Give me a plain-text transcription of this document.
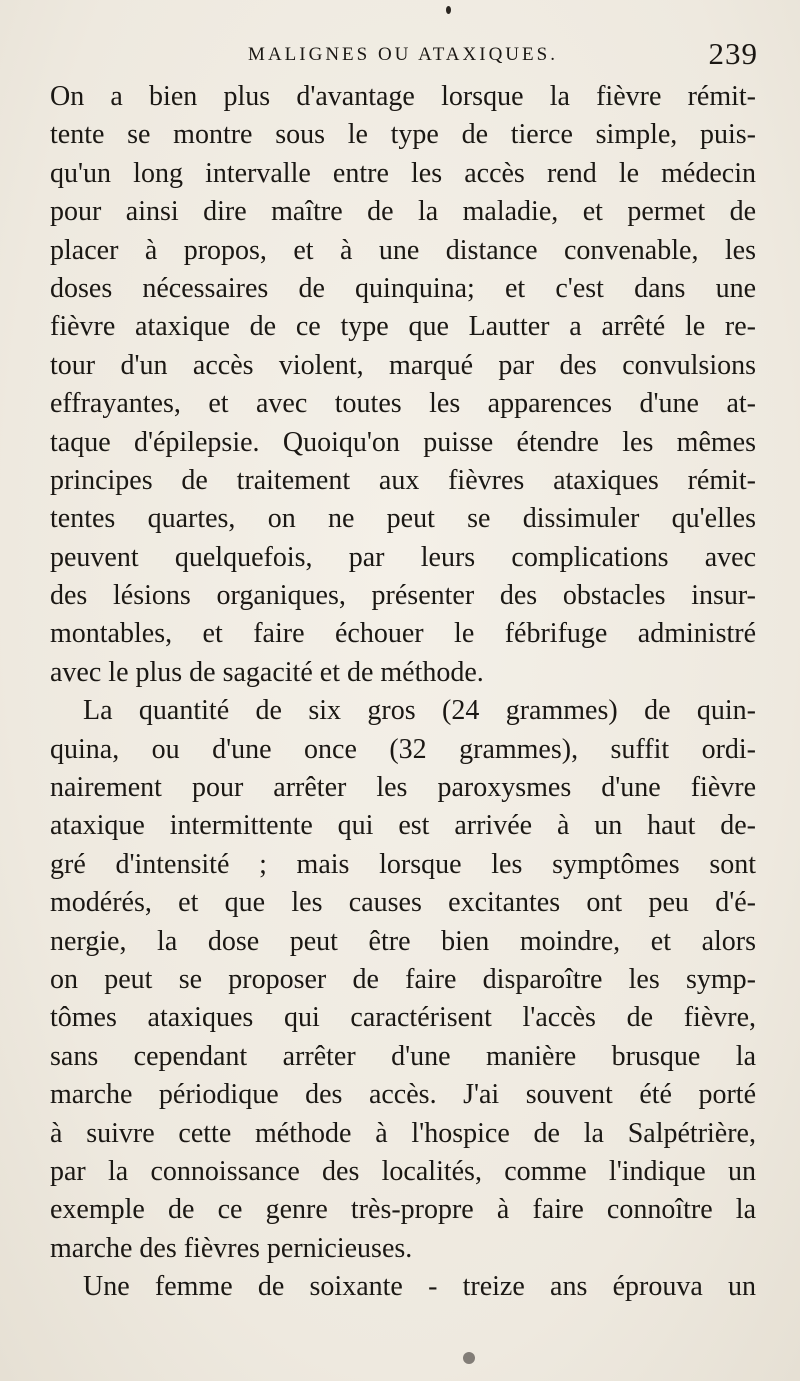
MALIGNES OU ATAXIQUES.	239
On a bien plus d'avantage lorsque la fièvre rémit-
tente se montre sous le type de tierce simple, puis-
qu'un long intervalle entre les accès rend le médecin
pour ainsi dire maître de la maladie, et permet de
placer à propos, et à une distance convenable, les
doses nécessaires de quinquina; et c'est dans une
fièvre ataxique de ce type que Lautter a arrêté le re-
tour d'un accès violent, marqué par des convulsions
effrayantes, et avec toutes les apparences d'une at-
taque d'épilepsie. Quoiqu'on puisse étendre les mêmes
principes de traitement aux fièvres ataxiques rémit-
tentes quartes, on ne peut se dissimuler qu'elles
peuvent quelquefois, par leurs complications avec
des lésions organiques, présenter des obstacles insur-
montables, et faire échouer le fébrifuge administré
avec le plus de sagacité et de méthode.
La quantité de six gros (24 grammes) de quin-
quina, ou d'une once (32 grammes), suffit ordi-
nairement pour arrêter les paroxysmes d'une fièvre
ataxique intermittente qui est arrivée à un haut de-
gré d'intensité ; mais lorsque les symptômes sont
modérés, et que les causes excitantes ont peu d'é-
nergie, la dose peut être bien moindre, et alors
on peut se proposer de faire disparoître les symp-
tômes ataxiques qui caractérisent l'accès de fièvre,
sans cependant arrêter d'une manière brusque la
marche périodique des accès. J'ai souvent été porté
à suivre cette méthode à l'hospice de la Salpétrière,
par la connoissance des localités, comme l'indique un
exemple de ce genre très-propre à faire connoître la
marche des fièvres pernicieuses.
Une femme de soixante - treize ans éprouva un
